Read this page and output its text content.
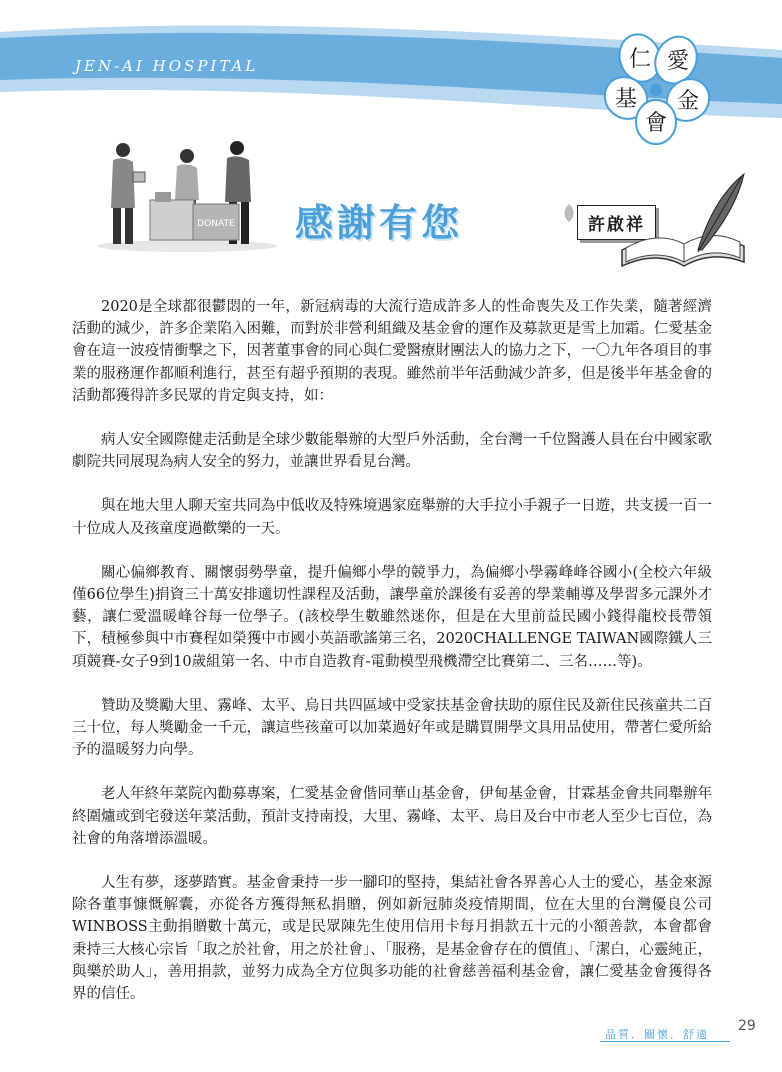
JEN-AI HOSPITAL	仁 愛
基 金
會
DONATE 感謝有您	許啟祥

2020是全球都很鬱悶的一年，新冠病毒的大流行造成許多人的性命喪失及工作失業，隨著經濟活動的減少，許多企業陷入困難，而對於非營利組織及基金會的運作及募款更是雪上加霜。仁愛基金會在這一波疫情衝擊之下，因著董事會的同心與仁愛醫療財團法人的協力之下，一〇九年各項目的事業的服務運作都順利進行，甚至有超乎預期的表現。雖然前半年活動減少許多，但是後半年基金會的活動都獲得許多民眾的肯定與支持，如：

病人安全國際健走活動是全球少數能舉辦的大型戶外活動，全台灣一千位醫護人員在台中國家歌劇院共同展現為病人安全的努力，並讓世界看見台灣。

與在地大里人聊天室共同為中低收及特殊境遇家庭舉辦的大手拉小手親子一日遊，共支援一百一十位成人及孩童度過歡樂的一天。

關心偏鄉教育、關懷弱勢學童，提升偏鄉小學的競爭力，為偏鄉小學霧峰峰谷國小(全校六年級僅66位學生)捐資三十萬安排適切性課程及活動，讓學童於課後有妥善的學業輔導及學習多元課外才藝，讓仁愛溫暖峰谷每一位學子。(該校學生數雖然迷你，但是在大里前益民國小錢得龍校長帶領下，積極參與中市賽程如榮獲中市國小英語歌謠第三名，2020CHALLENGE TAIWAN國際鐵人三項競賽-女子9到10歲組第一名、中市自造教育-電動模型飛機滯空比賽第二、三名……等)。

贊助及獎勵大里、霧峰、太平、烏日共四區域中受家扶基金會扶助的原住民及新住民孩童共二百三十位，每人獎勵金一千元，讓這些孩童可以加菜過好年或是購買開學文具用品使用，帶著仁愛所給予的溫暖努力向學。

老人年終年菜院內勸募專案，仁愛基金會偕同華山基金會，伊甸基金會，甘霖基金會共同舉辦年終圍爐或到宅發送年菜活動，預計支持南投，大里、霧峰、太平、烏日及台中市老人至少七百位，為社會的角落增添溫暖。

人生有夢，逐夢踏實。基金會秉持一步一腳印的堅持，集結社會各界善心人士的愛心，基金來源除各董事慷慨解囊，亦從各方獲得無私捐贈，例如新冠肺炎疫情期間，位在大里的台灣優良公司WINBOSS主動捐贈數十萬元，或是民眾陳先生使用信用卡每月捐款五十元的小額善款，本會都會秉持三大核心宗旨「取之於社會，用之於社會」、「服務，是基金會存在的價值」、「潔白，心靈純正，與樂於助人」，善用捐款，並努力成為全方位與多功能的社會慈善福利基金會，讓仁愛基金會獲得各界的信任。

品質．關懷．舒適
29
